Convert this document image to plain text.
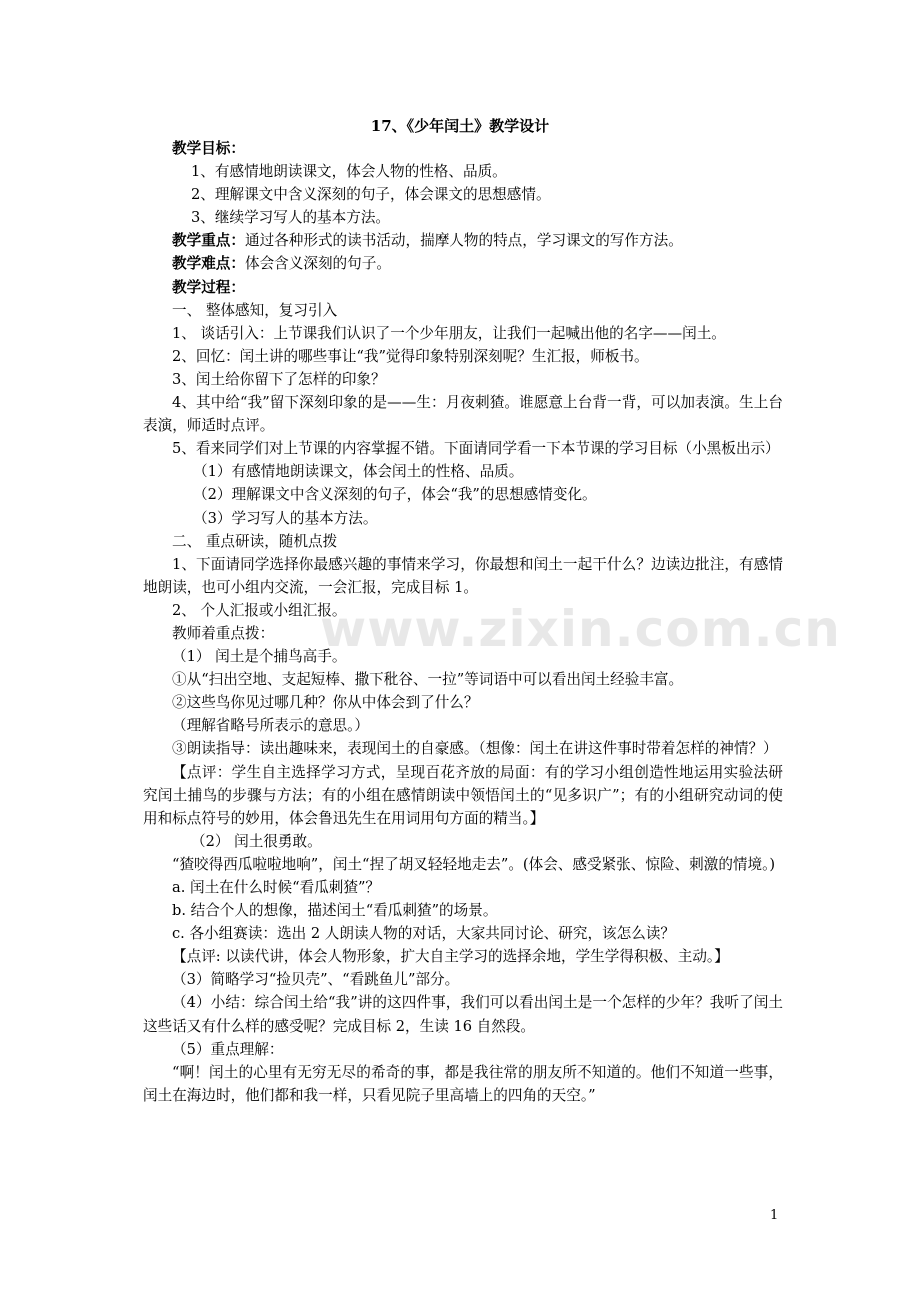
17、《少年闰土》教学设计
www.zixin.com.cn

教学目标：

1、有感情地朗读课文，体会人物的性格、品质。

2、理解课文中含义深刻的句子，体会课文的思想感情。

3、继续学习写人的基本方法。

教学重点：通过各种形式的读书活动，揣摩人物的特点，学习课文的写作方法。

教学难点：体会含义深刻的句子。

教学过程：

一、 整体感知，复习引入

1、 谈话引入：上节课我们认识了一个少年朋友，让我们一起喊出他的名字——闰土。

2、回忆：闰土讲的哪些事让“我”觉得印象特别深刻呢？生汇报，师板书。

3、闰土给你留下了怎样的印象？

4、其中给“我”留下深刻印象的是——生：月夜刺猹。谁愿意上台背一背，可以加表演。生上台表演，师适时点评。

5、看来同学们对上节课的内容掌握不错。下面请同学看一下本节课的学习目标（小黑板出示）

（1）有感情地朗读课文，体会闰土的性格、品质。

（2）理解课文中含义深刻的句子，体会“我”的思想感情变化。

（3）学习写人的基本方法。

二、 重点研读，随机点拨

1、下面请同学选择你最感兴趣的事情来学习，你最想和闰土一起干什么？边读边批注，有感情地朗读，也可小组内交流，一会汇报，完成目标 1。

2、 个人汇报或小组汇报。

教师着重点拨：

（1） 闰土是个捕鸟高手。

①从“扫出空地、支起短棒、撒下秕谷、一拉”等词语中可以看出闰土经验丰富。

②这些鸟你见过哪几种？你从中体会到了什么？

（理解省略号所表示的意思。）

③朗读指导：读出趣味来，表现闰土的自豪感。（想像：闰土在讲这件事时带着怎样的神情？）

【点评：学生自主选择学习方式，呈现百花齐放的局面：有的学习小组创造性地运用实验法研究闰土捕鸟的步骤与方法；有的小组在感情朗读中领悟闰土的“见多识广”；有的小组研究动词的使用和标点符号的妙用，体会鲁迅先生在用词用句方面的精当。】

（2） 闰土很勇敢。

“猹咬得西瓜啦啦地响”，闰土“捏了胡叉轻轻地走去”。(体会、感受紧张、惊险、刺激的情境。)

a. 闰土在什么时候“看瓜刺猹”？

b. 结合个人的想像，描述闰土“看瓜刺猹”的场景。

c. 各小组赛读：选出 2 人朗读人物的对话，大家共同讨论、研究，该怎么读？

【点评: 以读代讲，体会人物形象，扩大自主学习的选择余地，学生学得积极、主动。】

（3）简略学习“捡贝壳”、“看跳鱼儿”部分。

（4）小结：综合闰土给“我”讲的这四件事，我们可以看出闰土是一个怎样的少年？我听了闰土这些话又有什么样的感受呢？完成目标 2，生读 16 自然段。

（5）重点理解：

“啊！闰土的心里有无穷无尽的希奇的事，都是我往常的朋友所不知道的。他们不知道一些事，闰土在海边时，他们都和我一样，只看见院子里高墙上的四角的天空。”

1
